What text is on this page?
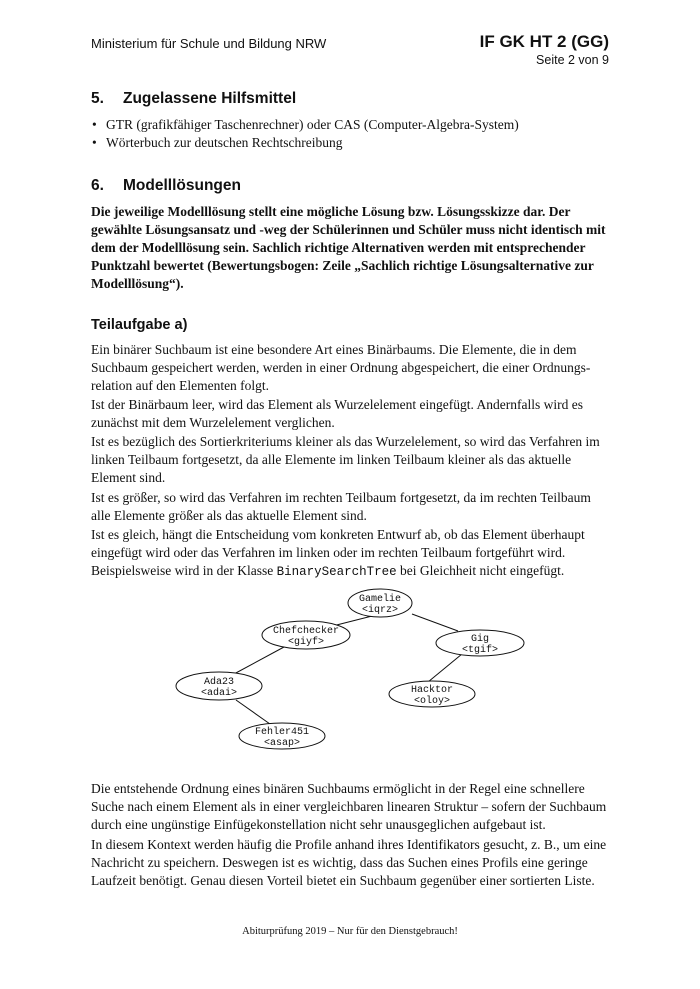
Ministerium für Schule und Bildung NRW	IF GK HT 2 (GG)
Seite 2 von 9
5. Zugelassene Hilfsmittel
• GTR (grafikfähiger Taschenrechner) oder CAS (Computer-Algebra-System)
• Wörterbuch zur deutschen Rechtschreibung
6. Modelllösungen

Die jeweilige Modelllösung stellt eine mögliche Lösung bzw. Lösungsskizze dar. Der gewählte Lösungsansatz und -weg der Schülerinnen und Schüler muss nicht identisch mit dem der Modelllösung sein. Sachlich richtige Alternativen werden mit entsprechender Punktzahl bewertet (Bewertungsbogen: Zeile „Sachlich richtige Lösungsalternative zur Modelllösung“).

Teilaufgabe a)

Ein binärer Suchbaum ist eine besondere Art eines Binärbaums. Die Elemente, die in dem Suchbaum gespeichert werden, werden in einer Ordnung abgespeichert, die einer Ordnungsrelation auf den Elementen folgt.

Ist der Binärbaum leer, wird das Element als Wurzelelement eingefügt. Andernfalls wird es zunächst mit dem Wurzelelement verglichen.

Ist es bezüglich des Sortierkriteriums kleiner als das Wurzelelement, so wird das Verfahren im linken Teilbaum fortgesetzt, da alle Elemente im linken Teilbaum kleiner als das aktuelle Element sind.

Ist es größer, so wird das Verfahren im rechten Teilbaum fortgesetzt, da im rechten Teilbaum alle Elemente größer als das aktuelle Element sind.

Ist es gleich, hängt die Entscheidung vom konkreten Entwurf ab, ob das Element überhaupt eingefügt wird oder das Verfahren im linken oder im rechten Teilbaum fortgeführt wird. Beispielsweise wird in der Klasse BinarySearchTree bei Gleichheit nicht eingefügt.

Gamelie
<iqrz>
Chefchecker
<giyf>	Gig
<tgif>
Ada23
<adai>	Hacktor
<oloy>
Fehler451
<asap>

Die entstehende Ordnung eines binären Suchbaums ermöglicht in der Regel eine schnellere Suche nach einem Element als in einer vergleichbaren linearen Struktur – sofern der Suchbaum durch eine ungünstige Einfügekonstellation nicht sehr unausgeglichen aufgebaut ist.

In diesem Kontext werden häufig die Profile anhand ihres Identifikators gesucht, z. B., um eine Nachricht zu speichern. Deswegen ist es wichtig, dass das Suchen eines Profils eine geringe Laufzeit benötigt. Genau diesen Vorteil bietet ein Suchbaum gegenüber einer sortierten Liste.

Abiturprüfung 2019 – Nur für den Dienstgebrauch!
